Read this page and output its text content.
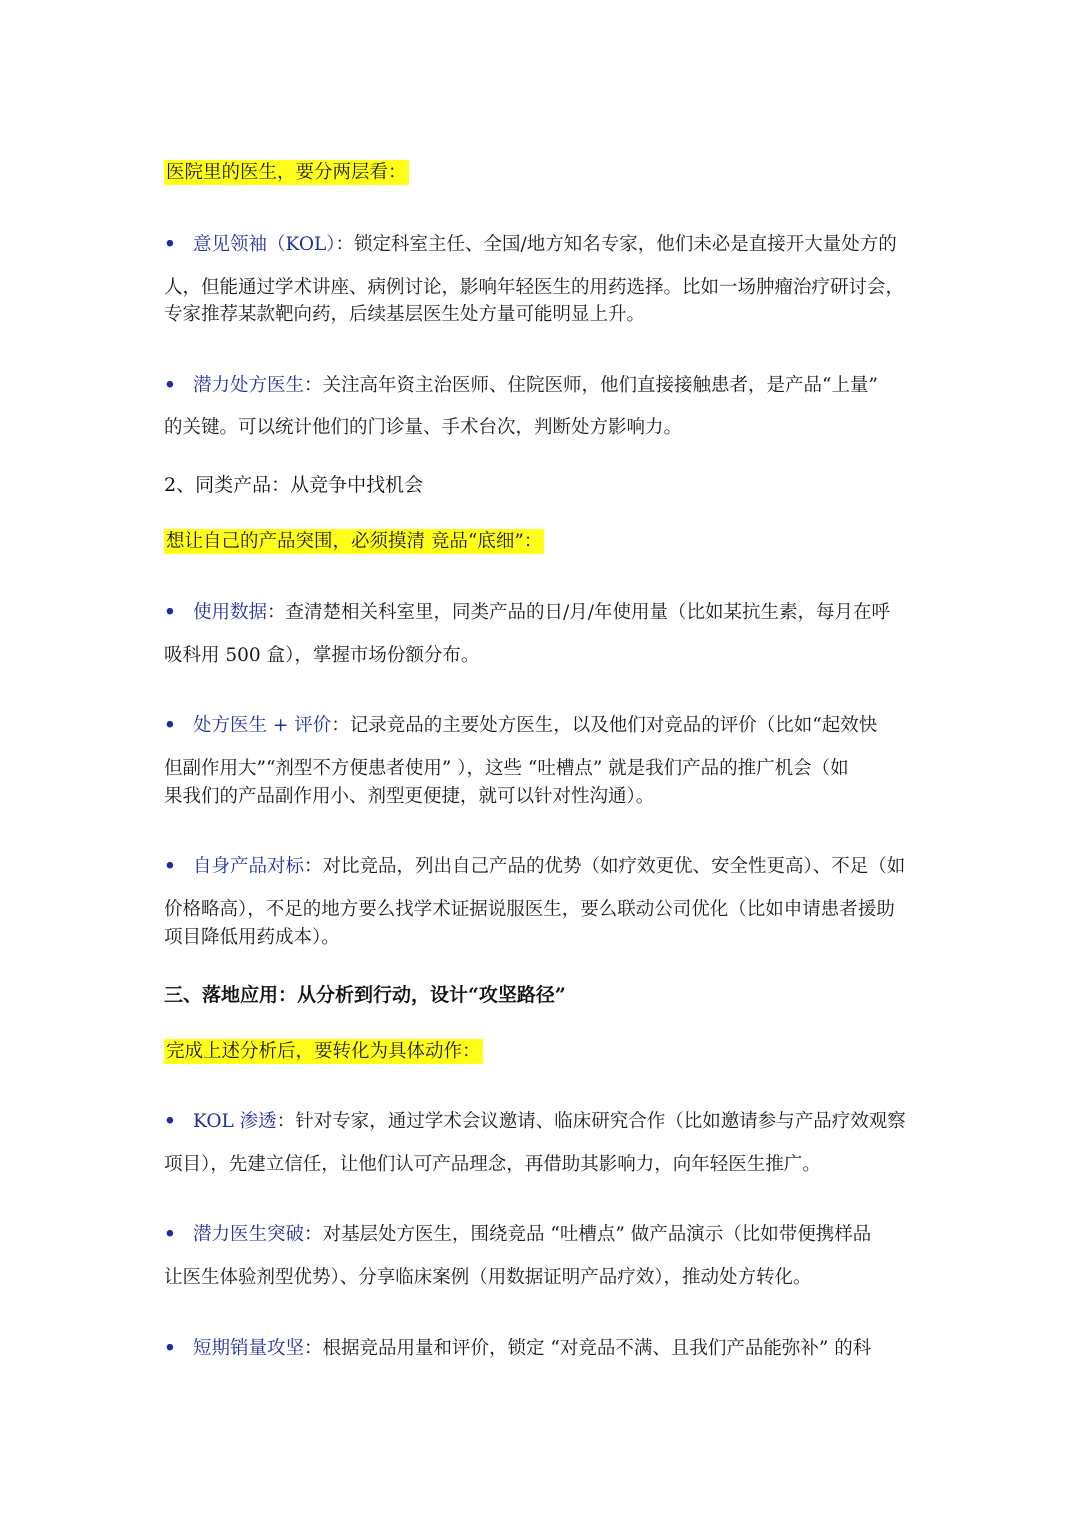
医院里的医生，要分两层看：
• 意见领袖（KOL）：锁定科室主任、全国/地方知名专家，他们未必是直接开大量处方的
人，但能通过学术讲座、病例讨论，影响年轻医生的用药选择。比如一场肿瘤治疗研讨会，
专家推荐某款靶向药，后续基层医生处方量可能明显上升。
• 潜力处方医生：关注高年资主治医师、住院医师，他们直接接触患者，是产品“上量”
的关键。可以统计他们的门诊量、手术台次，判断处方影响力。
2、同类产品：从竞争中找机会
想让自己的产品突围，必须摸清 竞品“底细”：
• 使用数据：查清楚相关科室里，同类产品的日/月/年使用量（比如某抗生素，每月在呼
吸科用 500 盒），掌握市场份额分布。
• 处方医生 + 评价：记录竞品的主要处方医生，以及他们对竞品的评价（比如“起效快
但副作用大”“剂型不方便患者使用” ），这些 “吐槽点” 就是我们产品的推广机会（如
果我们的产品副作用小、剂型更便捷，就可以针对性沟通）。
• 自身产品对标：对比竞品，列出自己产品的优势（如疗效更优、安全性更高）、不足（如
价格略高），不足的地方要么找学术证据说服医生，要么联动公司优化（比如申请患者援助
项目降低用药成本）。
三、落地应用：从分析到行动，设计“攻坚路径”
完成上述分析后，要转化为具体动作：
• KOL 渗透：针对专家，通过学术会议邀请、临床研究合作（比如邀请参与产品疗效观察
项目），先建立信任，让他们认可产品理念，再借助其影响力，向年轻医生推广。
• 潜力医生突破：对基层处方医生，围绕竞品 “吐槽点” 做产品演示（比如带便携样品
让医生体验剂型优势）、分享临床案例（用数据证明产品疗效），推动处方转化。
• 短期销量攻坚：根据竞品用量和评价，锁定 “对竞品不满、且我们产品能弥补” 的科
